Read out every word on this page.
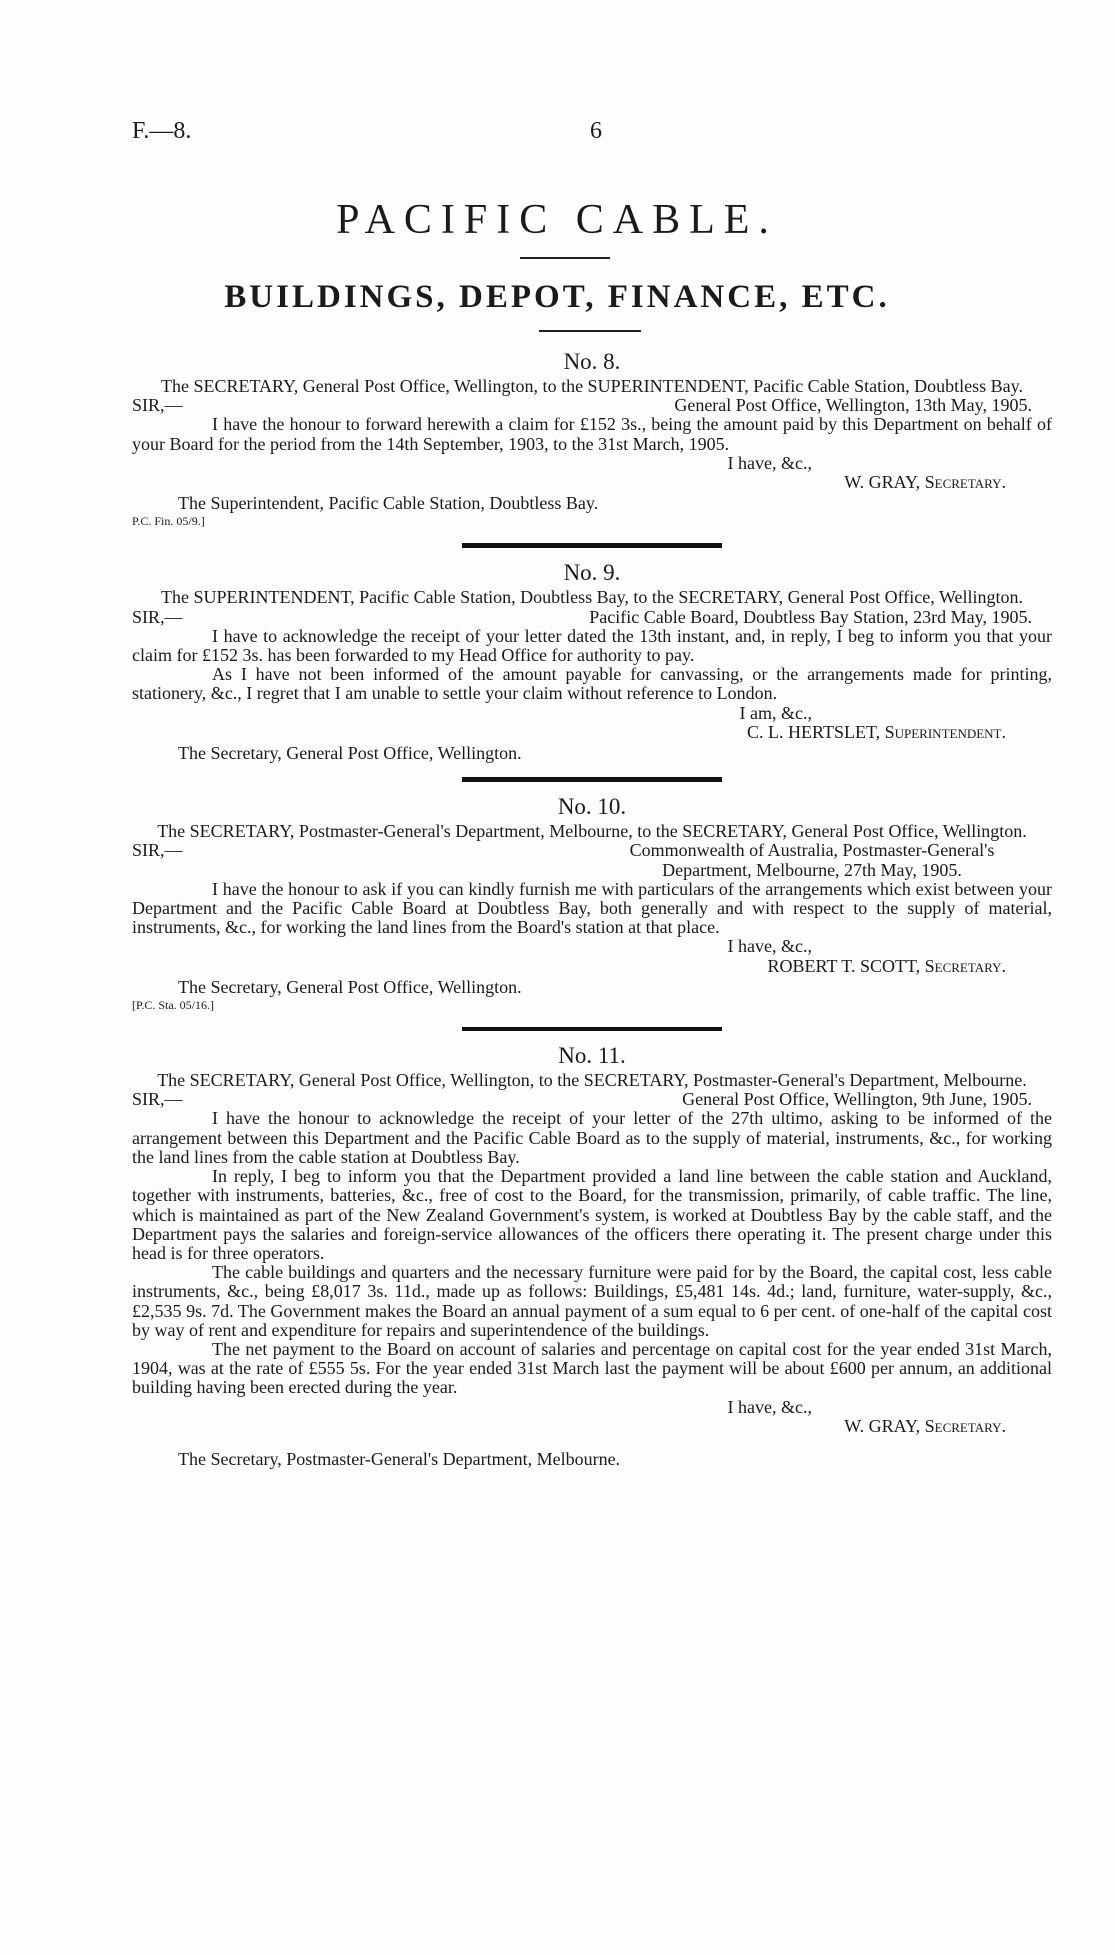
F.—8.	6
PACIFIC CABLE.
BUILDINGS, DEPOT, FINANCE, ETC.
No. 8.
The SECRETARY, General Post Office, Wellington, to the SUPERINTENDENT, Pacific Cable Station, Doubtless Bay.
SIR,—	General Post Office, Wellington, 13th May, 1905.

I have the honour to forward herewith a claim for £152 3s., being the amount paid by this Department on behalf of your Board for the period from the 14th September, 1903, to the 31st March, 1905.

I have, &c.,

W. GRAY, Secretary.

The Superintendent, Pacific Cable Station, Doubtless Bay.

P.C. Fin. 05/9.]

No. 9.
The SUPERINTENDENT, Pacific Cable Station, Doubtless Bay, to the SECRETARY, General Post Office, Wellington.
SIR,—	Pacific Cable Board, Doubtless Bay Station, 23rd May, 1905.

I have to acknowledge the receipt of your letter dated the 13th instant, and, in reply, I beg to inform you that your claim for £152 3s. has been forwarded to my Head Office for authority to pay.

As I have not been informed of the amount payable for canvassing, or the arrangements made for printing, stationery, &c., I regret that I am unable to settle your claim without reference to London.

I am, &c.,

C. L. HERTSLET, Superintendent.

The Secretary, General Post Office, Wellington.

No. 10.
The SECRETARY, Postmaster-General's Department, Melbourne, to the SECRETARY, General Post Office, Wellington.
SIR,—	Commonwealth of Australia, Postmaster-General's Department, Melbourne, 27th May, 1905.

I have the honour to ask if you can kindly furnish me with particulars of the arrangements which exist between your Department and the Pacific Cable Board at Doubtless Bay, both generally and with respect to the supply of material, instruments, &c., for working the land lines from the Board's station at that place.

I have, &c.,

ROBERT T. SCOTT, Secretary.

The Secretary, General Post Office, Wellington.

[P.C. Sta. 05/16.]

No. 11.
The SECRETARY, General Post Office, Wellington, to the SECRETARY, Postmaster-General's Department, Melbourne.
SIR,—	General Post Office, Wellington, 9th June, 1905.

I have the honour to acknowledge the receipt of your letter of the 27th ultimo, asking to be informed of the arrangement between this Department and the Pacific Cable Board as to the supply of material, instruments, &c., for working the land lines from the cable station at Doubtless Bay.

In reply, I beg to inform you that the Department provided a land line between the cable station and Auckland, together with instruments, batteries, &c., free of cost to the Board, for the transmission, primarily, of cable traffic. The line, which is maintained as part of the New Zealand Government's system, is worked at Doubtless Bay by the cable staff, and the Department pays the salaries and foreign-service allowances of the officers there operating it. The present charge under this head is for three operators.

The cable buildings and quarters and the necessary furniture were paid for by the Board, the capital cost, less cable instruments, &c., being £8,017 3s. 11d., made up as follows: Buildings, £5,481 14s. 4d.; land, furniture, water-supply, &c., £2,535 9s. 7d. The Government makes the Board an annual payment of a sum equal to 6 per cent. of one-half of the capital cost by way of rent and expenditure for repairs and superintendence of the buildings.

The net payment to the Board on account of salaries and percentage on capital cost for the year ended 31st March, 1904, was at the rate of £555 5s. For the year ended 31st March last the payment will be about £600 per annum, an additional building having been erected during the year.

I have, &c.,

W. GRAY, Secretary.

The Secretary, Postmaster-General's Department, Melbourne.
